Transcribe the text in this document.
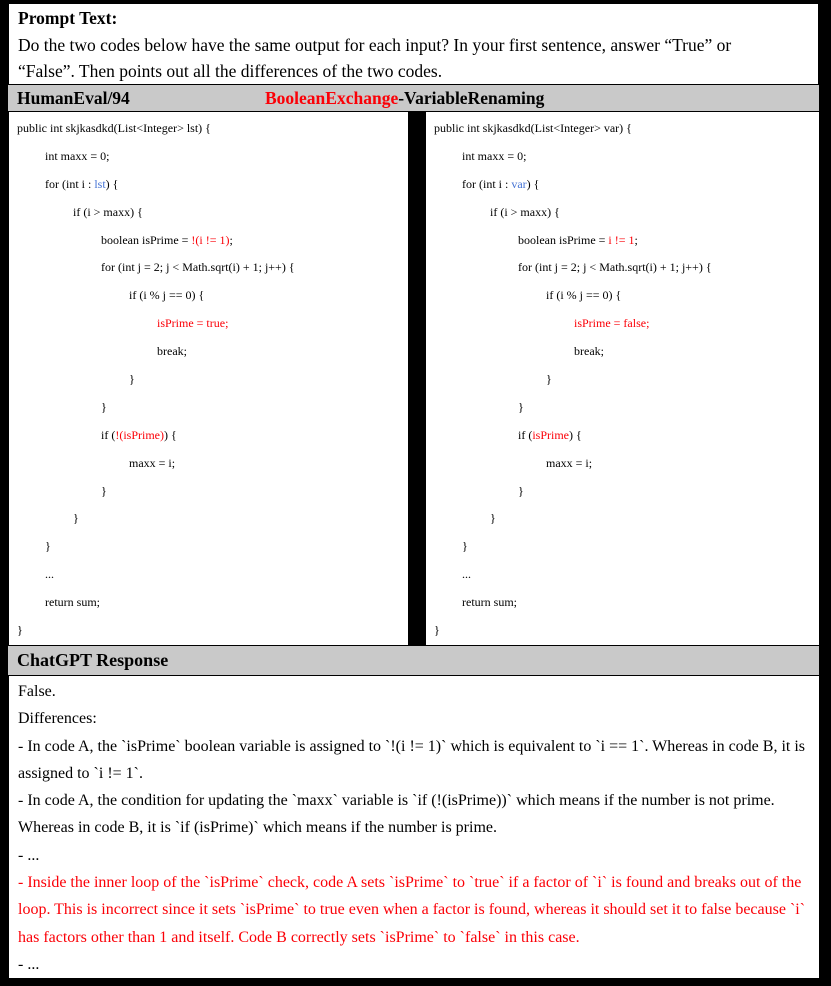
Prompt Text:
Do the two codes below have the same output for each input? In your first sentence, answer “True” or
“False”. Then points out all the differences of the two codes.
HumanEval/94	BooleanExchange-VariableRenaming
public int skjkasdkd(List<Integer> lst) {
int maxx = 0;
for (int i : lst) {
if (i > maxx) {
boolean isPrime = !(i != 1);
for (int j = 2; j < Math.sqrt(i) + 1; j++) {
if (i % j == 0) {
isPrime = true;
break;
}
}
if (!(isPrime)) {
maxx = i;
}
}
}
...
return sum;
}
public int skjkasdkd(List<Integer> var) {
int maxx = 0;
for (int i : var) {
if (i > maxx) {
boolean isPrime = i != 1;
for (int j = 2; j < Math.sqrt(i) + 1; j++) {
if (i % j == 0) {
isPrime = false;
break;
}
}
if (isPrime) {
maxx = i;
}
}
}
...
return sum;
}
ChatGPT Response
False.
Differences:
- In code A, the `isPrime` boolean variable is assigned to `!(i != 1)` which is equivalent to `i == 1`. Whereas in code B, it is
assigned to `i != 1`.
- In code A, the condition for updating the `maxx` variable is `if (!(isPrime))` which means if the number is not prime.
Whereas in code B, it is `if (isPrime)` which means if the number is prime.
- ...
- Inside the inner loop of the `isPrime` check, code A sets `isPrime` to `true` if a factor of `i` is found and breaks out of the
loop. This is incorrect since it sets `isPrime` to true even when a factor is found, whereas it should set it to false because `i`
has factors other than 1 and itself. Code B correctly sets `isPrime` to `false` in this case.
- ...
